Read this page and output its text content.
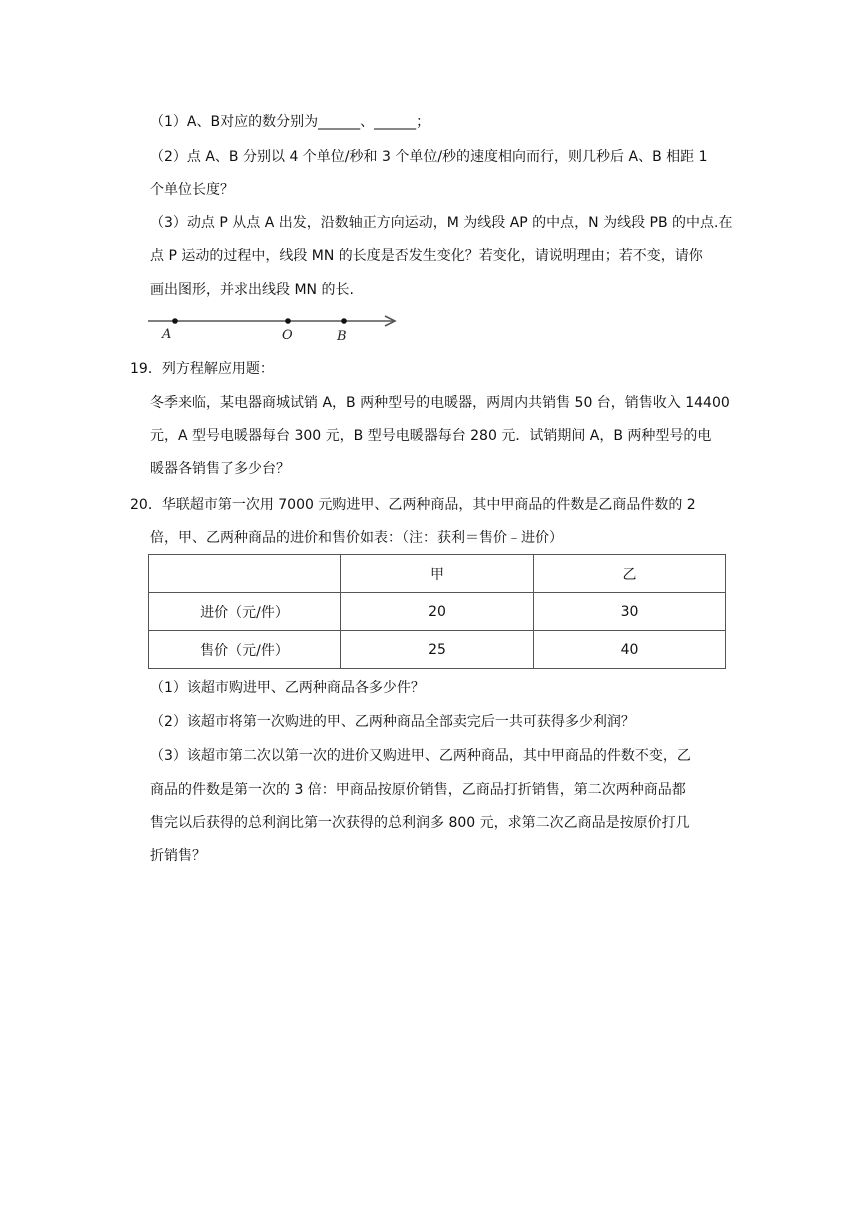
（1）A、B对应的数分别为______、______；
（2）点 A、B 分别以 4 个单位/秒和 3 个单位/秒的速度相向而行，则几秒后 A、B 相距 1
个单位长度？
（3）动点 P 从点 A 出发，沿数轴正方向运动，M 为线段 AP 的中点，N 为线段 PB 的中点.在
点 P 运动的过程中，线段 MN 的长度是否发生变化？若变化，请说明理由；若不变，请你
画出图形，并求出线段 MN 的长.
A	O	B
19．列方程解应用题：
冬季来临，某电器商城试销 A，B 两种型号的电暖器，两周内共销售 50 台，销售收入 14400
元，A 型号电暖器每台 300 元，B 型号电暖器每台 280 元．试销期间 A，B 两种型号的电
暖器各销售了多少台？
20．华联超市第一次用 7000 元购进甲、乙两种商品，其中甲商品的件数是乙商品件数的 2
倍，甲、乙两种商品的进价和售价如表：（注：获利＝售价﹣进价）
	甲	乙
进价（元/件）	20	30
售价（元/件）	25	40
（1）该超市购进甲、乙两种商品各多少件？
（2）该超市将第一次购进的甲、乙两种商品全部卖完后一共可获得多少利润？
（3）该超市第二次以第一次的进价又购进甲、乙两种商品，其中甲商品的件数不变，乙
商品的件数是第一次的 3 倍：甲商品按原价销售，乙商品打折销售，第二次两种商品都
售完以后获得的总利润比第一次获得的总利润多 800 元，求第二次乙商品是按原价打几
折销售？
